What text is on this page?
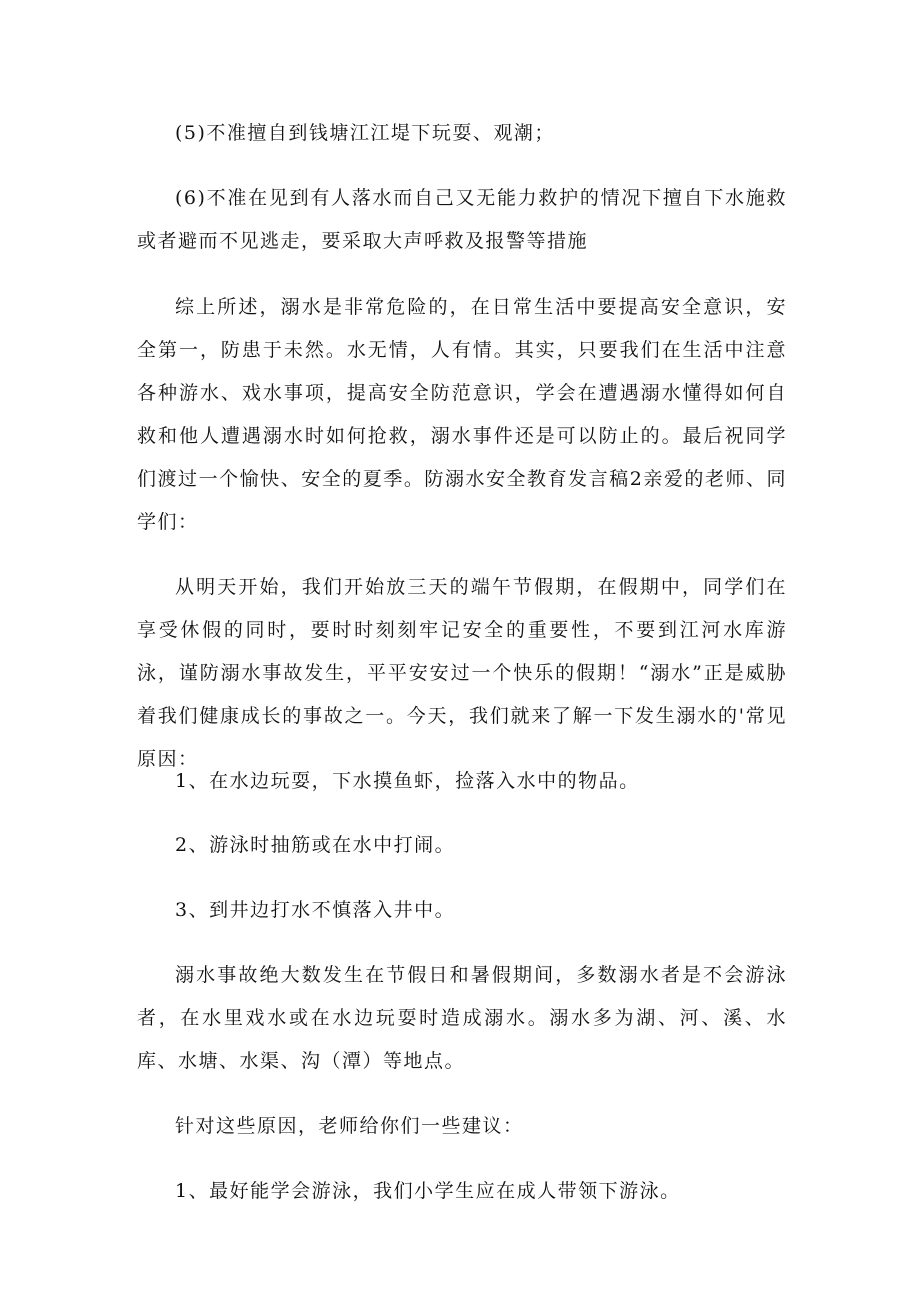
(5)不准擅自到钱塘江江堤下玩耍、观潮；

(6)不准在见到有人落水而自己又无能力救护的情况下擅自下水施救或者避而不见逃走，要采取大声呼救及报警等措施

综上所述，溺水是非常危险的，在日常生活中要提高安全意识，安全第一，防患于未然。水无情，人有情。其实，只要我们在生活中注意各种游水、戏水事项，提高安全防范意识，学会在遭遇溺水懂得如何自救和他人遭遇溺水时如何抢救，溺水事件还是可以防止的。最后祝同学们渡过一个愉快、安全的夏季。防溺水安全教育发言稿2亲爱的老师、同学们：

从明天开始，我们开始放三天的端午节假期，在假期中，同学们在享受休假的同时，要时时刻刻牢记安全的重要性，不要到江河水库游泳，谨防溺水事故发生，平平安安过一个快乐的假期！“溺水”正是威胁着我们健康成长的事故之一。今天，我们就来了解一下发生溺水的'常见原因：

1、在水边玩耍，下水摸鱼虾，捡落入水中的物品。

2、游泳时抽筋或在水中打闹。

3、到井边打水不慎落入井中。

溺水事故绝大数发生在节假日和暑假期间，多数溺水者是不会游泳者，在水里戏水或在水边玩耍时造成溺水。溺水多为湖、河、溪、水库、水塘、水渠、沟（潭）等地点。

针对这些原因，老师给你们一些建议：

1、最好能学会游泳，我们小学生应在成人带领下游泳。
